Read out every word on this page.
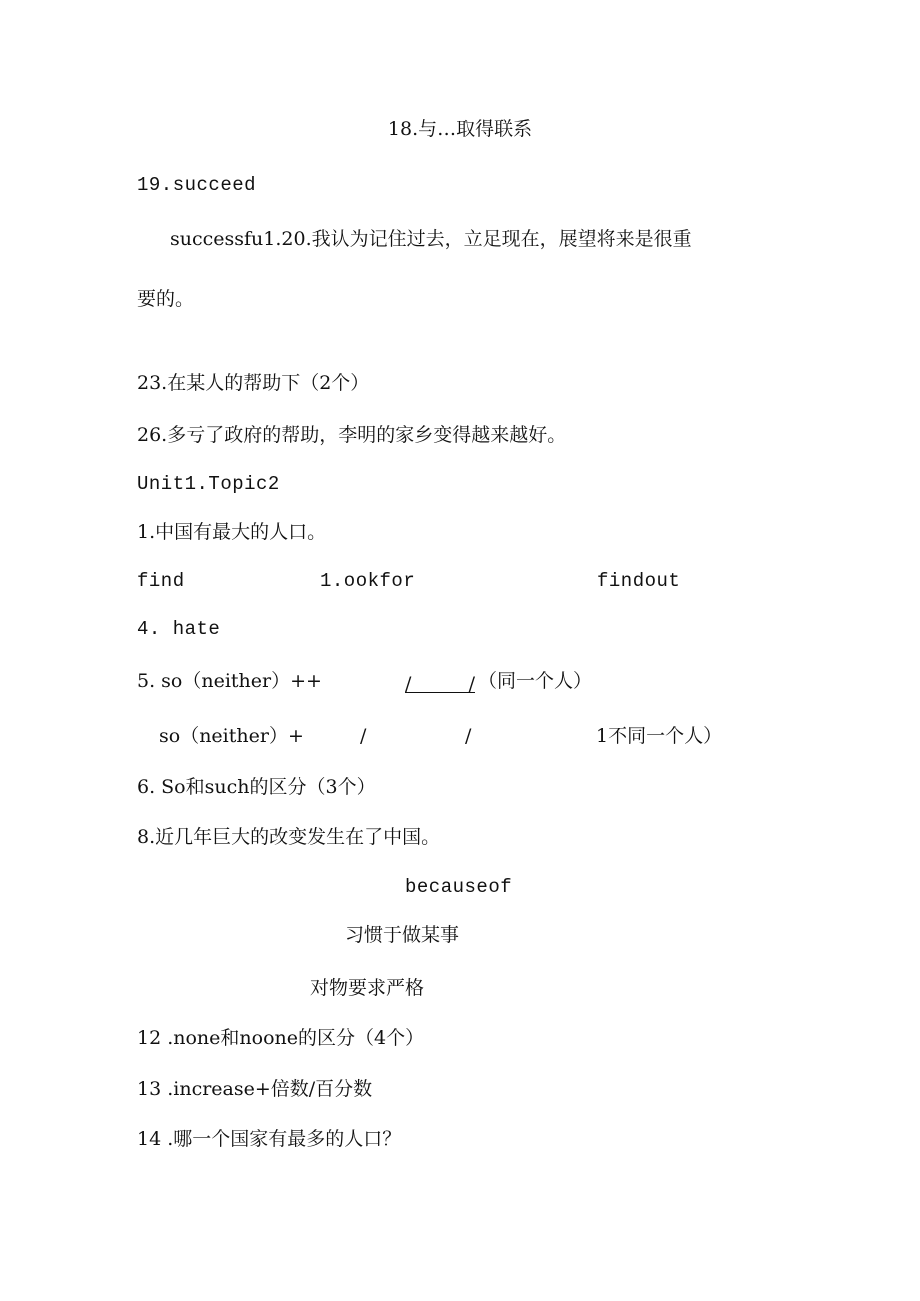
18.与…取得联系
19.succeed
successfu1.20.我认为记住过去，立足现在，展望将来是很重
要的。
23.在某人的帮助下（2个）
26.多亏了政府的帮助，李明的家乡变得越来越好。
Unit1.Topic2
1.中国有最大的人口。
find	1.ookfor	findout
4. hate
5. so（neither）++	/	/ （同一个人）
so（neither）+	/	/	1不同一个人）
6. So和such的区分（3个）
8.近几年巨大的改变发生在了中国。
becauseof
习惯于做某事
对物要求严格
12 .none和noone的区分（4个）
13 .increase+倍数/百分数
14 .哪一个国家有最多的人口？
